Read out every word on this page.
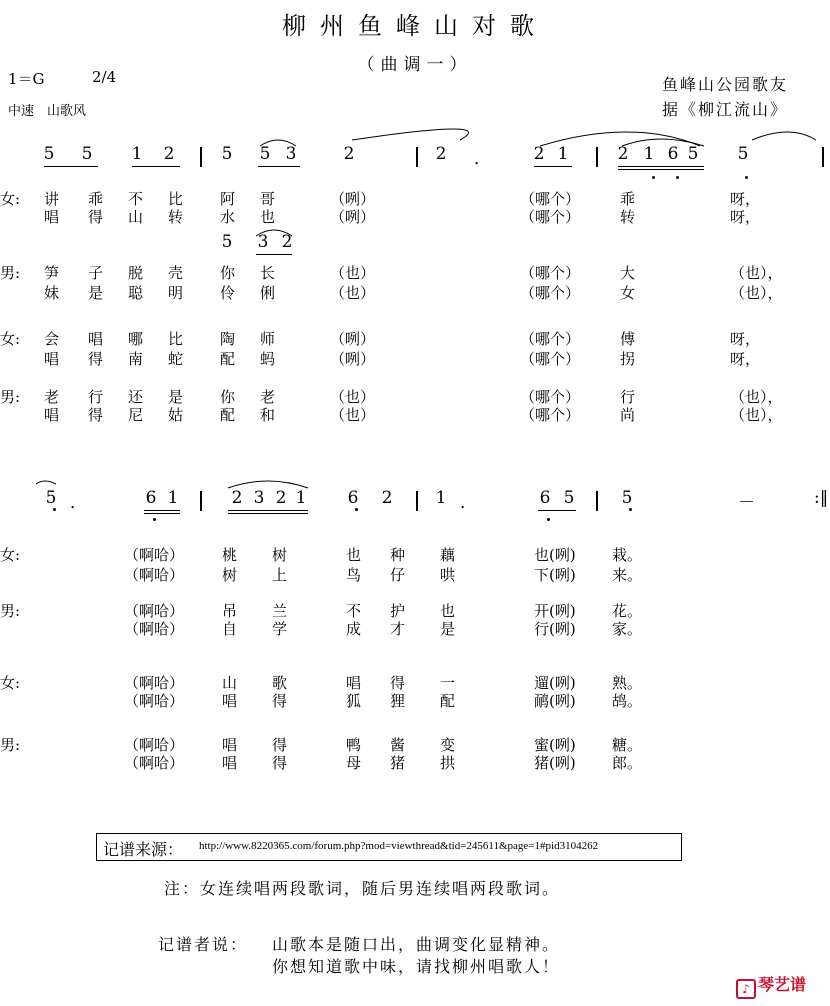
柳州鱼峰山对歌
（曲调一）
1＝G	2/4
中速　山歌风
鱼峰山公园歌友
据《柳江流山》
5 5 1 2	5 5 3	2	2 ．	2 1	2 1 6 5 5
5 3 2
女: 讲 乖 不 比 阿 哥	（咧）	（哪个）	乖	呀，
唱 得 山 转 水 也	（咧）	（哪个）	转	呀，
男: 笋 子 脱 壳 你 长	（也）	（哪个）	大	（也），
妹 是 聪 明 伶 俐	（也）	（哪个）	女	（也），
女: 会 唱 哪 比 陶 师	（咧）	（哪个）	傅	呀，
唱 得 南 蛇 配 蚂	（咧）	（哪个）	拐	呀，
男: 老 行 还 是 你 老	（也）	（哪个）	行	（也），
唱 得 尼 姑 配 和	（也）	（哪个）	尚	（也），
5 ．	6 1	2 3 2 1 6 2	1 ．	6 5	5	－	:‖
女:	（啊哈）	桃 树	也 种 藕	也(咧) 栽。
（啊哈）	树 上	鸟 仔 哄	下(咧) 来。
男:	（啊哈）	吊 兰	不 护 也	开(咧) 花。
（啊哈）	自 学	成 才 是	行(咧) 家。
女:	（啊哈）	山 歌	唱 得 一	遛(咧) 熟。
（啊哈）	唱 得	狐 狸 配	鸸(咧) 鸪。
男:	（啊哈）	唱 得	鸭 酱 变	蜜(咧) 糖。
（啊哈）	唱 得	母 猪 拱	猪(咧) 郎。
记谱来源： http://www.8220365.com/forum.php?mod=viewthread&tid=245611&page=1#pid3104262
注：女连续唱两段歌词，随后男连续唱两段歌词。
记谱者说： 山歌本是随口出，曲调变化显精神。
你想知道歌中味，请找柳州唱歌人！
♪ 琴艺谱
